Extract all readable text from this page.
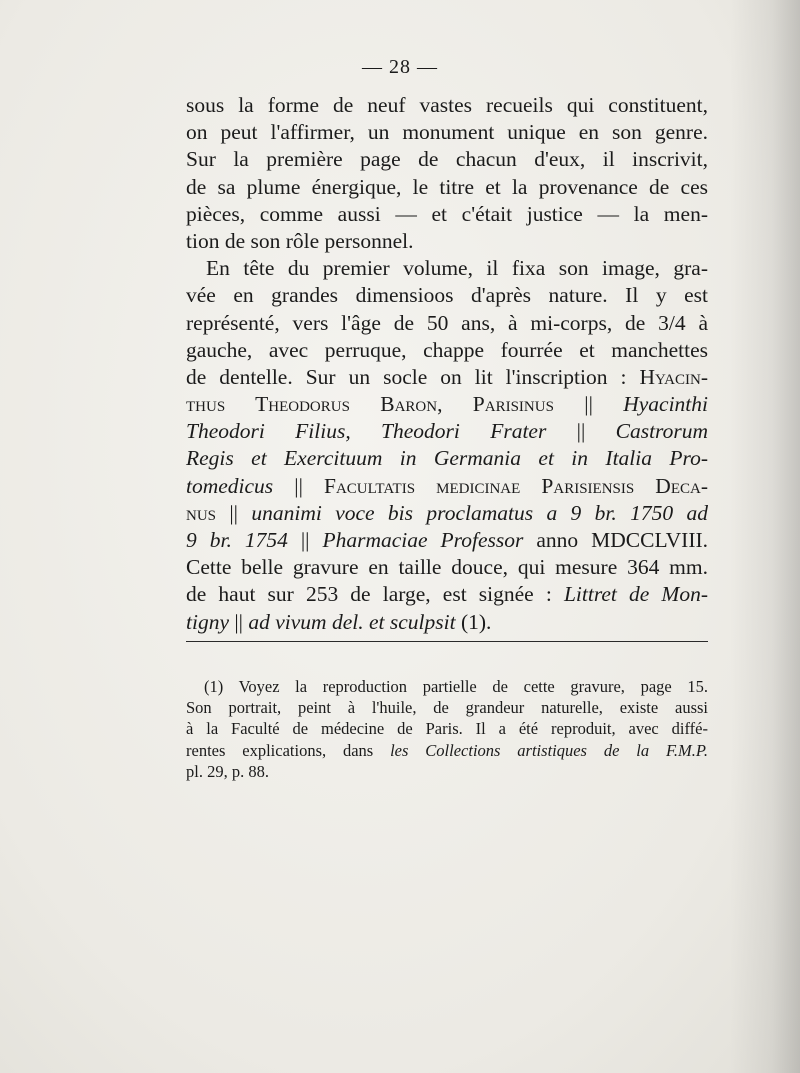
— 28 —
sous la forme de neuf vastes recueils qui constituent,
on peut l'affirmer, un monument unique en son genre.
Sur la première page de chacun d'eux, il inscrivit,
de sa plume énergique, le titre et la provenance de ces
pièces, comme aussi — et c'était justice — la men-
tion de son rôle personnel.
En tête du premier volume, il fixa son image, gra-
vée en grandes dimensioos d'après nature. Il y est
représenté, vers l'âge de 50 ans, à mi-corps, de 3/4 à
gauche, avec perruque, chappe fourrée et manchettes
de dentelle. Sur un socle on lit l'inscription : Hyacin-
thus Theodorus Baron, Parisinus || Hyacinthi
Theodori Filius, Theodori Frater || Castrorum
Regis et Exercituum in Germania et in Italia Pro-
tomedicus || Facultatis medicinae Parisiensis Deca-
nus || unanimi voce bis proclamatus a 9 br. 1750 ad
9 br. 1754 || Pharmaciae Professor anno MDCCLVIII.
Cette belle gravure en taille douce, qui mesure 364 mm.
de haut sur 253 de large, est signée : Littret de Mon-
tigny || ad vivum del. et sculpsit (1).
(1) Voyez la reproduction partielle de cette gravure, page 15.
Son portrait, peint à l'huile, de grandeur naturelle, existe aussi
à la Faculté de médecine de Paris. Il a été reproduit, avec diffé-
rentes explications, dans les Collections artistiques de la F.M.P.
pl. 29, p. 88.
